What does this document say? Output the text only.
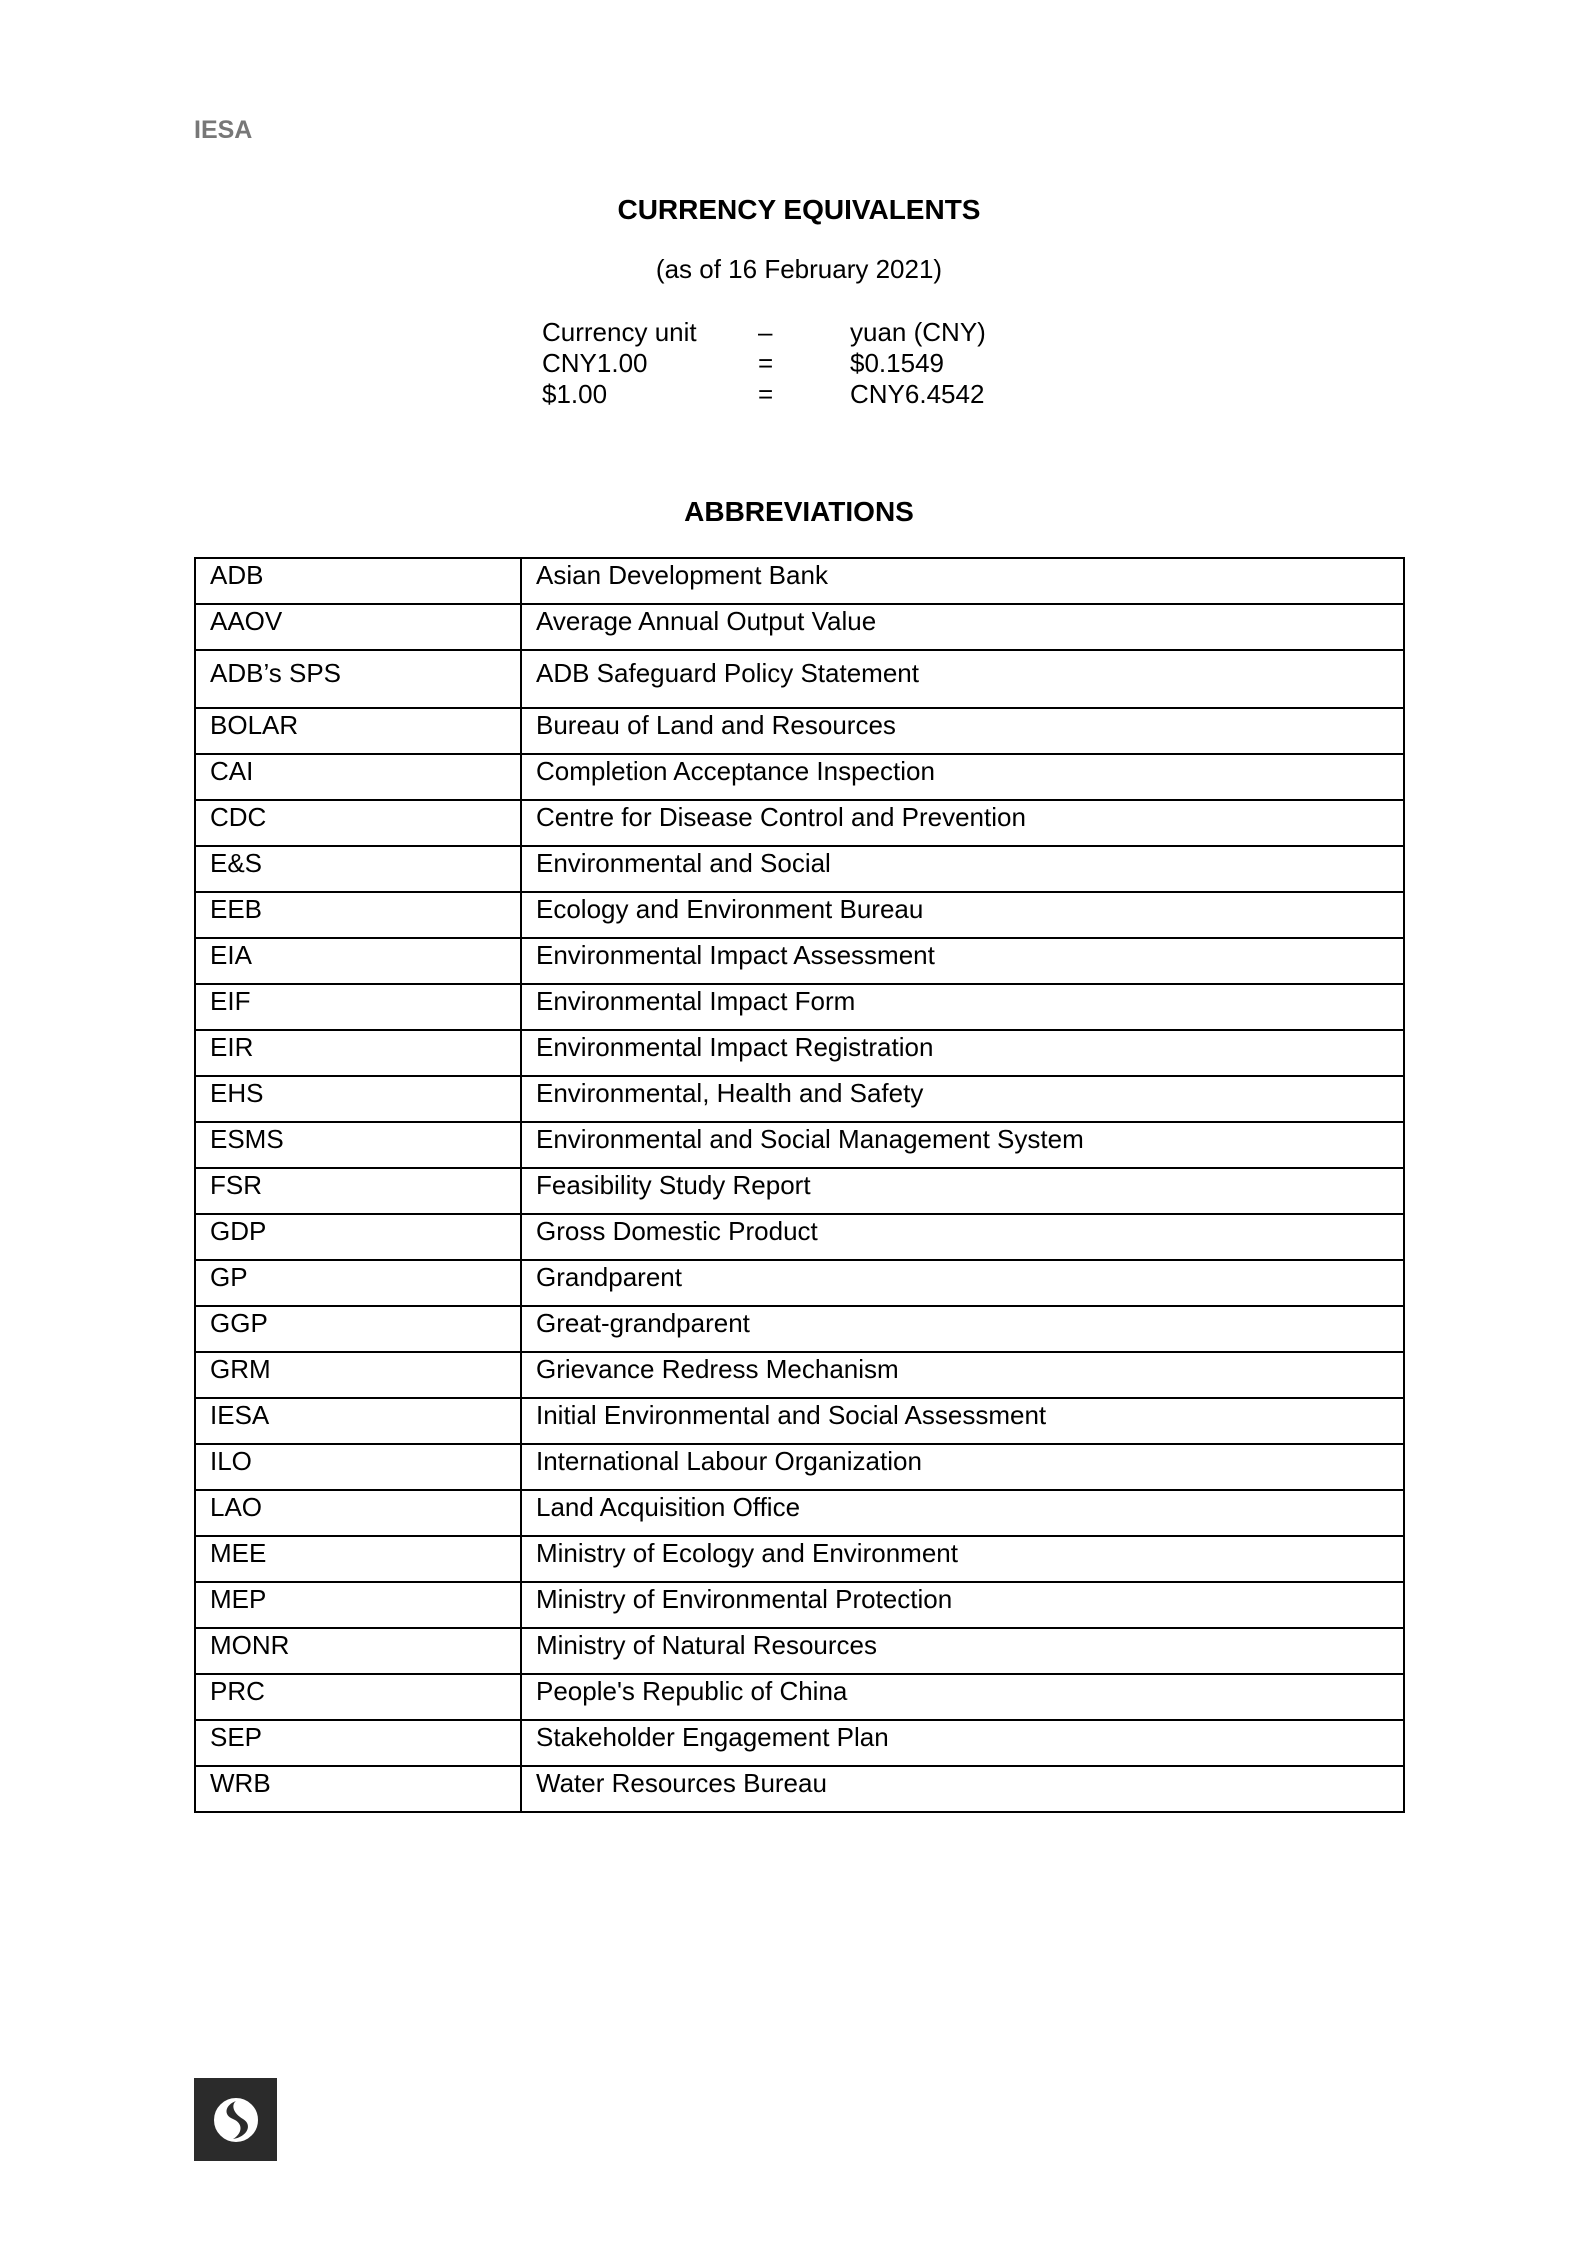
IESA
CURRENCY EQUIVALENTS
(as of 16 February 2021)
Currency unit	–	yuan (CNY)
CNY1.00	=	$0.1549
$1.00	=	CNY6.4542
ABBREVIATIONS
ADB	Asian Development Bank
AAOV	Average Annual Output Value
ADB’s SPS	ADB Safeguard Policy Statement
BOLAR	Bureau of Land and Resources
CAI	Completion Acceptance Inspection
CDC	Centre for Disease Control and Prevention
E&S	Environmental and Social
EEB	Ecology and Environment Bureau
EIA	Environmental Impact Assessment
EIF	Environmental Impact Form
EIR	Environmental Impact Registration
EHS	Environmental, Health and Safety
ESMS	Environmental and Social Management System
FSR	Feasibility Study Report
GDP	Gross Domestic Product
GP	Grandparent
GGP	Great-grandparent
GRM	Grievance Redress Mechanism
IESA	Initial Environmental and Social Assessment
ILO	International Labour Organization
LAO	Land Acquisition Office
MEE	Ministry of Ecology and Environment
MEP	Ministry of Environmental Protection
MONR	Ministry of Natural Resources
PRC	People's Republic of China
SEP	Stakeholder Engagement Plan
WRB	Water Resources Bureau
